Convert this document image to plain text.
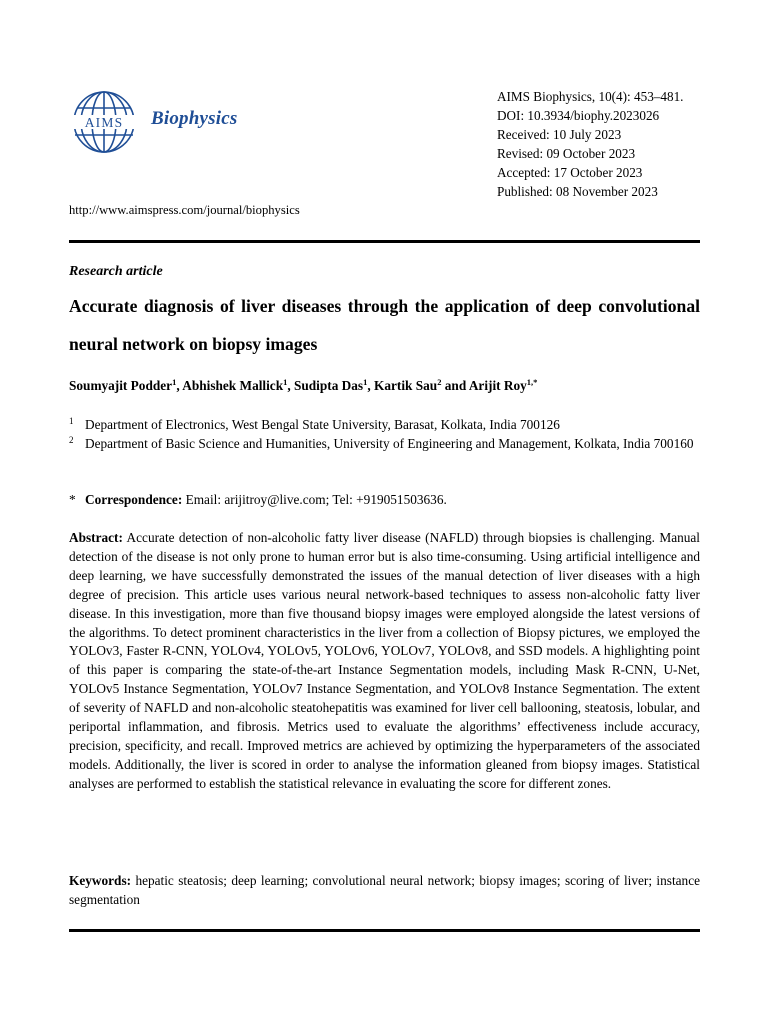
AIMS Biophysics
AIMS Biophysics, 10(4): 453–481.
DOI: 10.3934/biophy.2023026
Received: 10 July 2023
Revised: 09 October 2023
Accepted: 17 October 2023
Published: 08 November 2023
http://www.aimspress.com/journal/biophysics
Research article
Accurate diagnosis of liver diseases through the application of deep convolutional neural network on biopsy images
Soumyajit Podder$^1$, Abhishek Mallick$^1$, Sudipta Das$^1$, Kartik Sau$^2$ and Arijit Roy$^{1,*}$
1 Department of Electronics, West Bengal State University, Barasat, Kolkata, India 700126
2 Department of Basic Science and Humanities, University of Engineering and Management, Kolkata, India 700160
* Correspondence: Email: arijitroy@live.com; Tel: +919051503636.
Abstract: Accurate detection of non-alcoholic fatty liver disease (NAFLD) through biopsies is challenging. Manual detection of the disease is not only prone to human error but is also time-consuming. Using artificial intelligence and deep learning, we have successfully demonstrated the issues of the manual detection of liver diseases with a high degree of precision. This article uses various neural network-based techniques to assess non-alcoholic fatty liver disease. In this investigation, more than five thousand biopsy images were employed alongside the latest versions of the algorithms. To detect prominent characteristics in the liver from a collection of Biopsy pictures, we employed the YOLOv3, Faster R-CNN, YOLOv4, YOLOv5, YOLOv6, YOLOv7, YOLOv8, and SSD models. A highlighting point of this paper is comparing the state-of-the-art Instance Segmentation models, including Mask R-CNN, U-Net, YOLOv5 Instance Segmentation, YOLOv7 Instance Segmentation, and YOLOv8 Instance Segmentation. The extent of severity of NAFLD and non-alcoholic steatohepatitis was examined for liver cell ballooning, steatosis, lobular, and periportal inflammation, and fibrosis. Metrics used to evaluate the algorithms’ effectiveness include accuracy, precision, specificity, and recall. Improved metrics are achieved by optimizing the hyperparameters of the associated models. Additionally, the liver is scored in order to analyse the information gleaned from biopsy images. Statistical analyses are performed to establish the statistical relevance in evaluating the score for different zones.
Keywords: hepatic steatosis; deep learning; convolutional neural network; biopsy images; scoring of liver; instance segmentation
